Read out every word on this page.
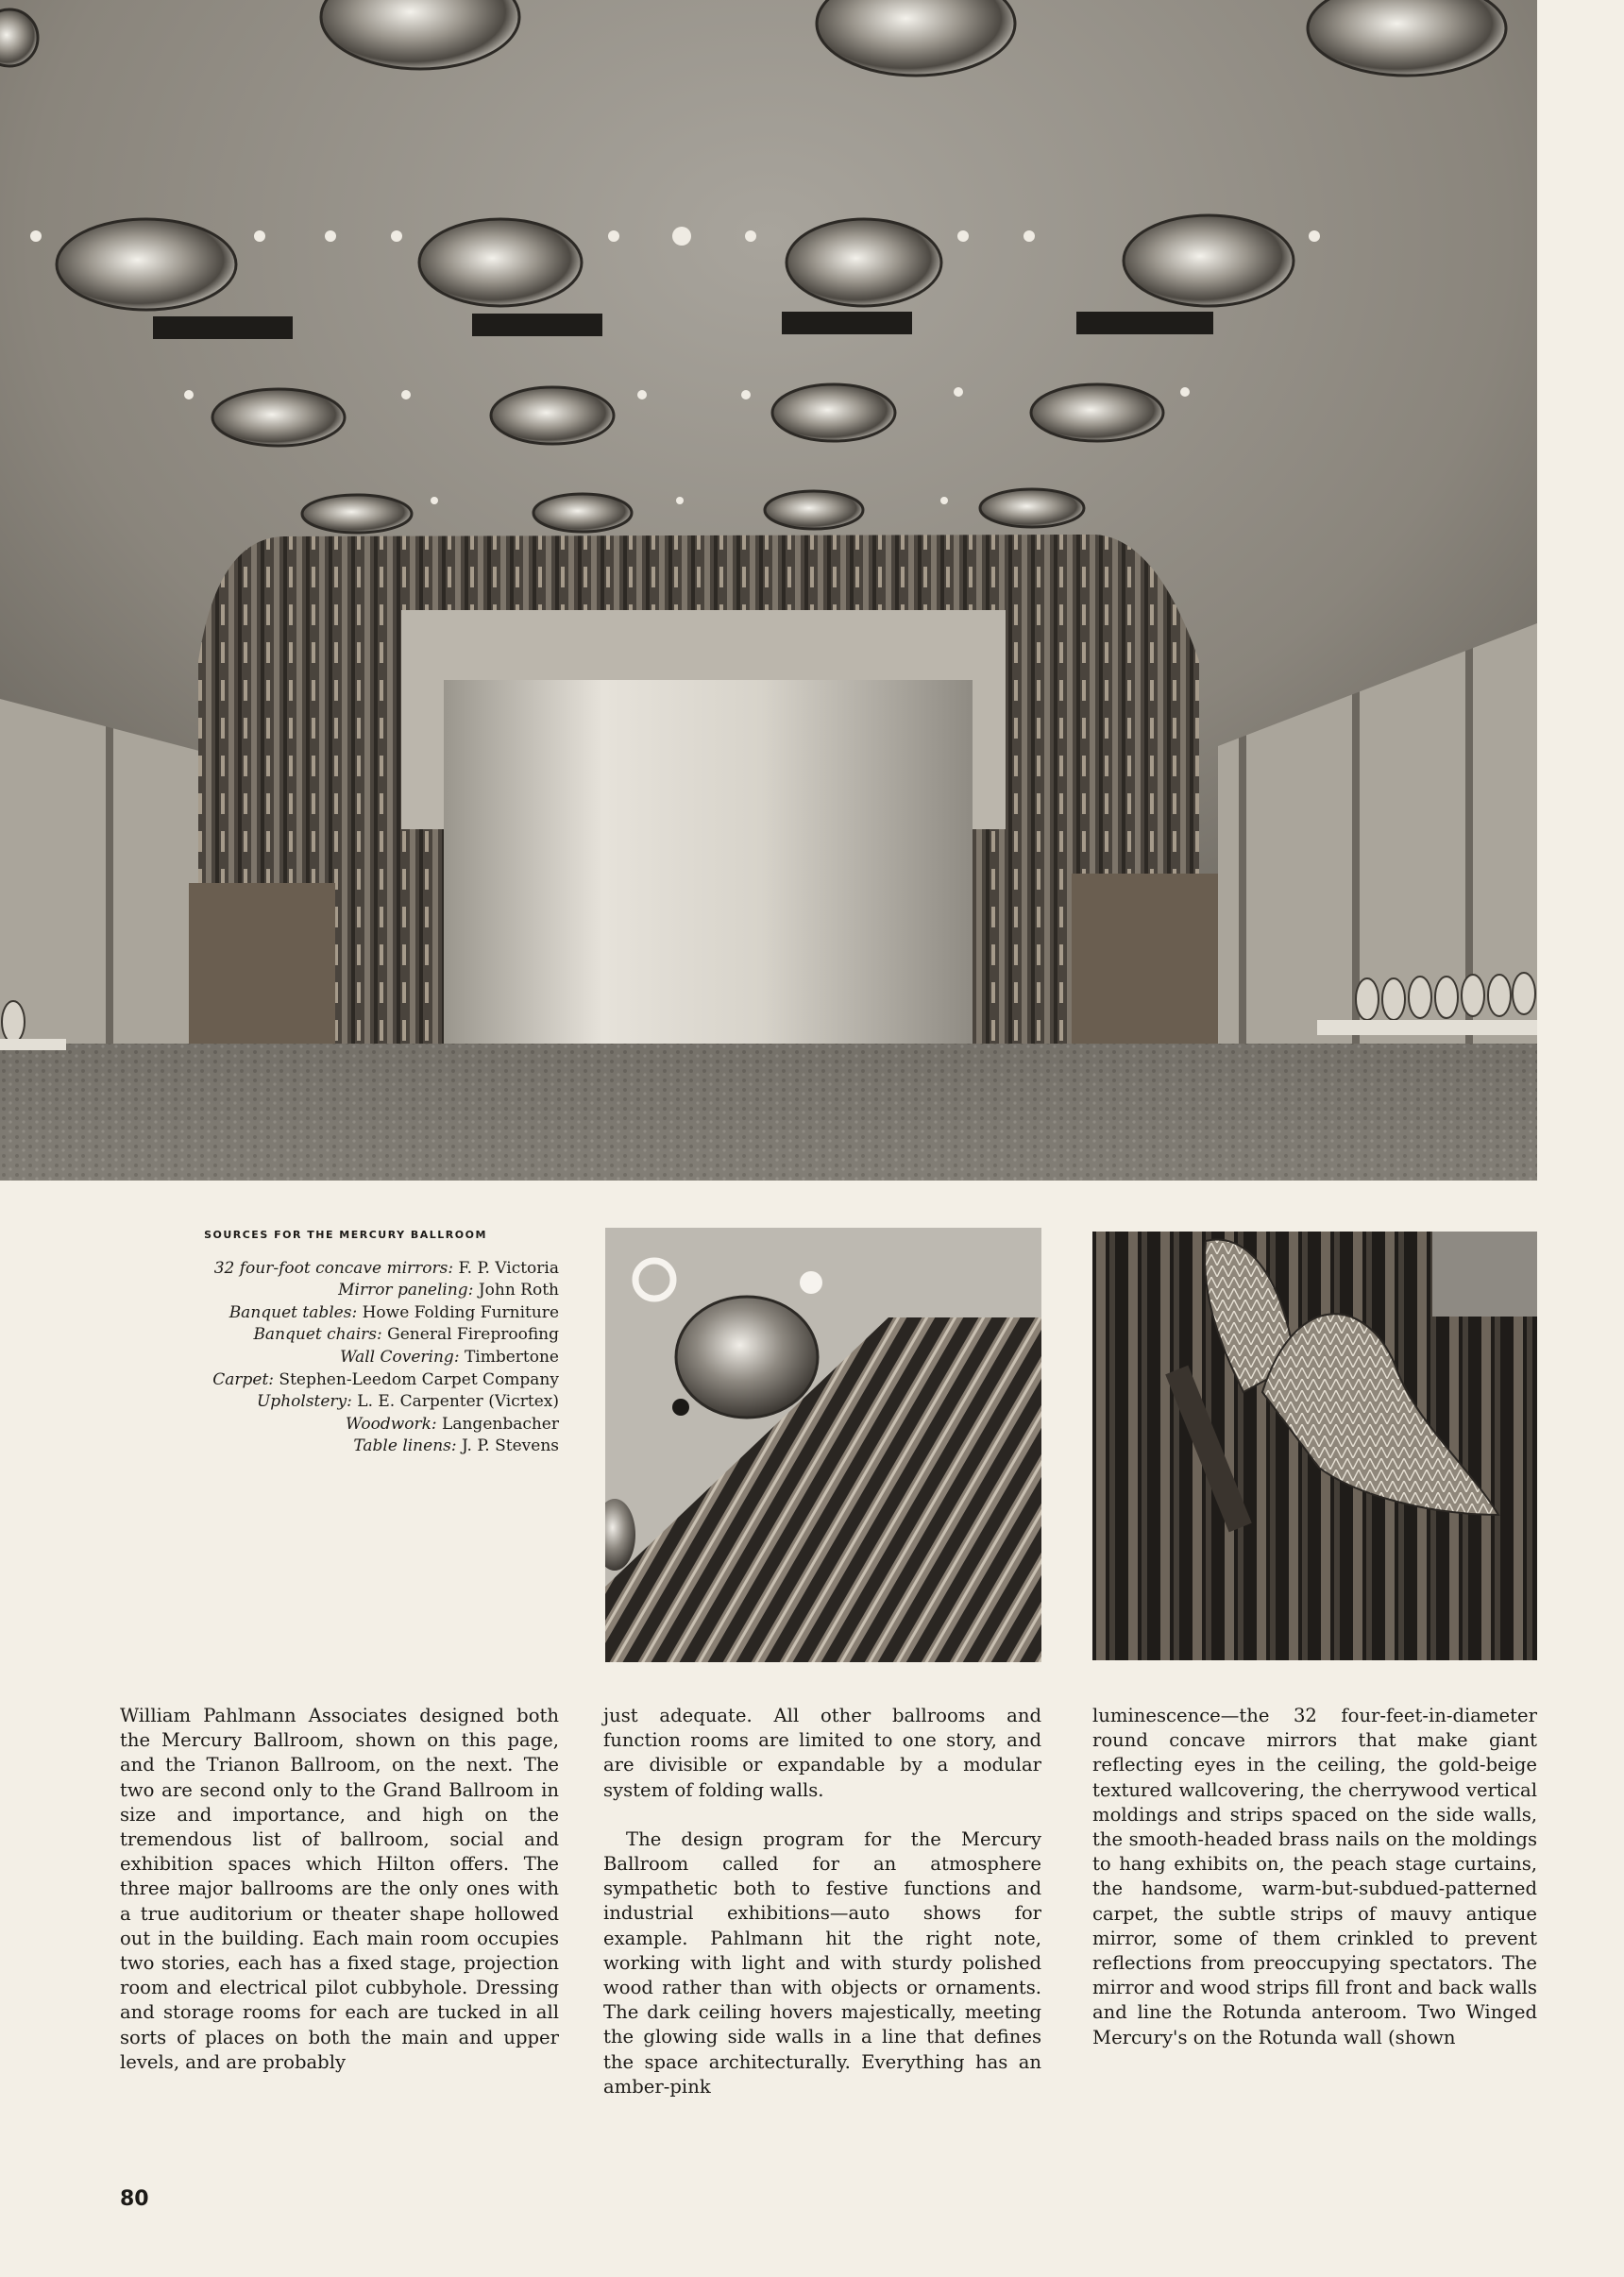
SOURCES FOR THE MERCURY BALLROOM
32 four-foot concave mirrors: F. P. Victoria
Mirror paneling: John Roth
Banquet tables: Howe Folding Furniture
Banquet chairs: General Fireproofing
Wall Covering: Timbertone
Carpet: Stephen-Leedom Carpet Company
Upholstery: L. E. Carpenter (Vicrtex)
Woodwork: Langenbacher
Table linens: J. P. Stevens

William Pahlmann Associates designed both the Mercury Ballroom, shown on this page, and the Trianon Ballroom, on the next. The two are second only to the Grand Ballroom in size and importance, and high on the tremendous list of ballroom, social and exhibition spaces which Hilton offers. The three major ballrooms are the only ones with a true auditorium or theater shape hollowed out in the building. Each main room occupies two stories, each has a fixed stage, projection room and electrical pilot cubbyhole. Dressing and storage rooms for each are tucked in all sorts of places on both the main and upper levels, and are probably

just adequate. All other ballrooms and function rooms are limited to one story, and are divisible or expandable by a modular system of folding walls.

The design program for the Mercury Ballroom called for an atmosphere sympathetic both to festive functions and industrial exhibitions—auto shows for example. Pahlmann hit the right note, working with light and with sturdy polished wood rather than with objects or ornaments. The dark ceiling hovers majestically, meeting the glowing side walls in a line that defines the space architecturally. Everything has an amber-pink

luminescence—the 32 four-feet-in-diameter round concave mirrors that make giant reflecting eyes in the ceiling, the gold-beige textured wallcovering, the cherrywood vertical moldings and strips spaced on the side walls, the smooth-headed brass nails on the moldings to hang exhibits on, the peach stage curtains, the handsome, warm-but-subdued-patterned carpet, the subtle strips of mauvy antique mirror, some of them crinkled to prevent reflections from preoccupying spectators. The mirror and wood strips fill front and back walls and line the Rotunda anteroom. Two Winged Mercury's on the Rotunda wall (shown

80
